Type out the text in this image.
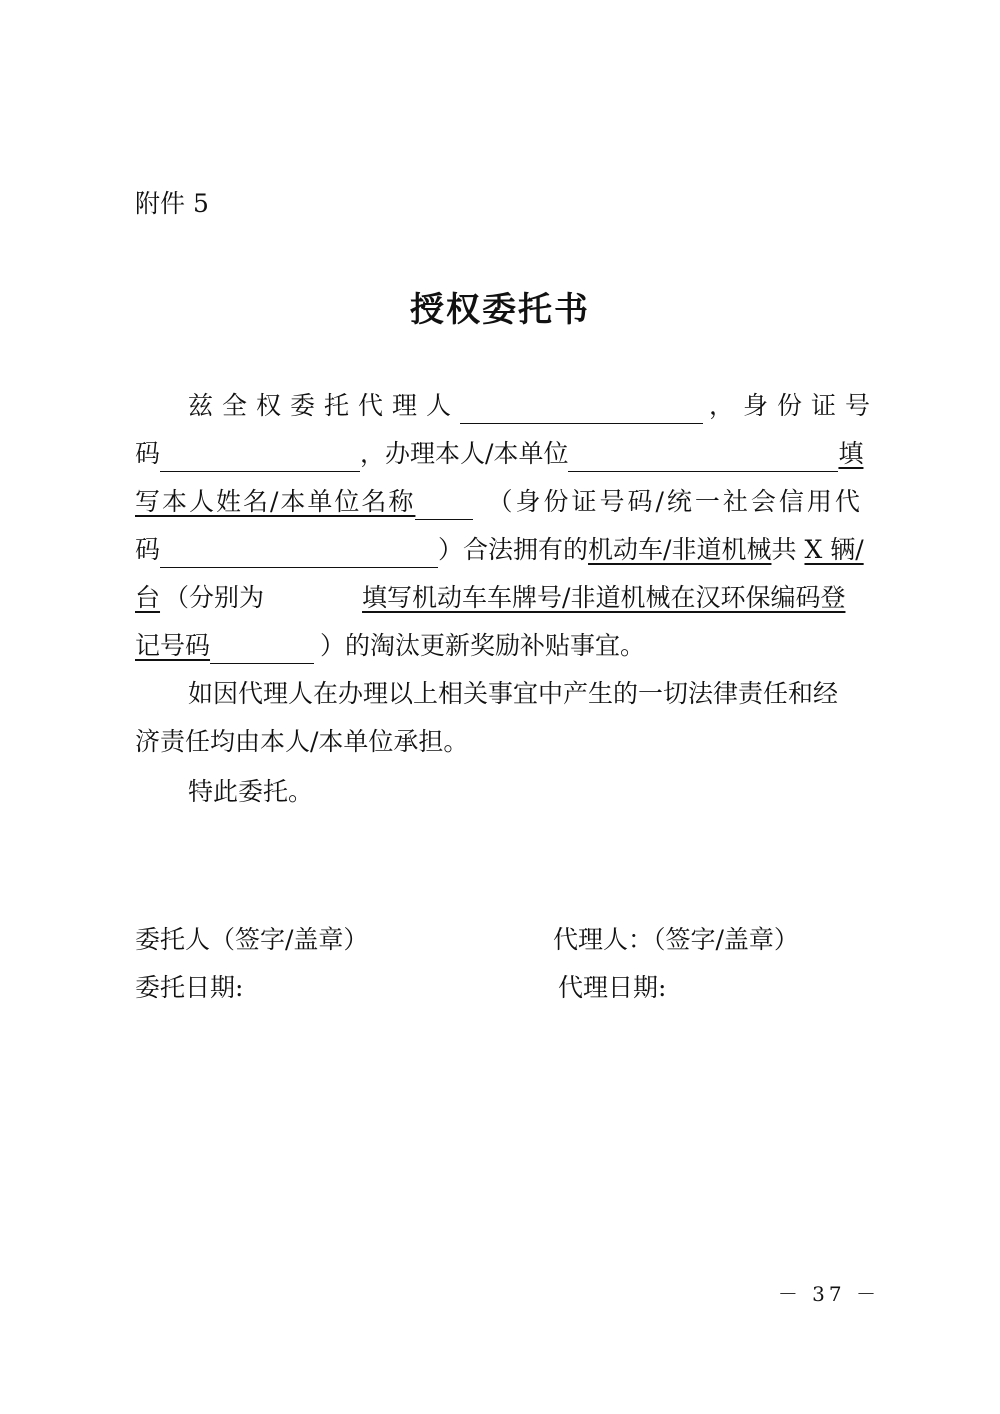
附件 5
授权委托书
兹全权委托代理人	，身份证号
码	，办理本人/本单位	填
写本人姓名/本单位名称	（身份证号码/统一社会信用代
码	）合法拥有的机动车/非道机械共 X 辆/
台 （分别为	填写机动车车牌号/非道机械在汉环保编码登
记号码	）的淘汰更新奖励补贴事宜。
如因代理人在办理以上相关事宜中产生的一切法律责任和经
济责任均由本人/本单位承担。
特此委托。
委托人（签字/盖章）	代理人：（签字/盖章）
委托日期:	代理日期:
－ 37 －
